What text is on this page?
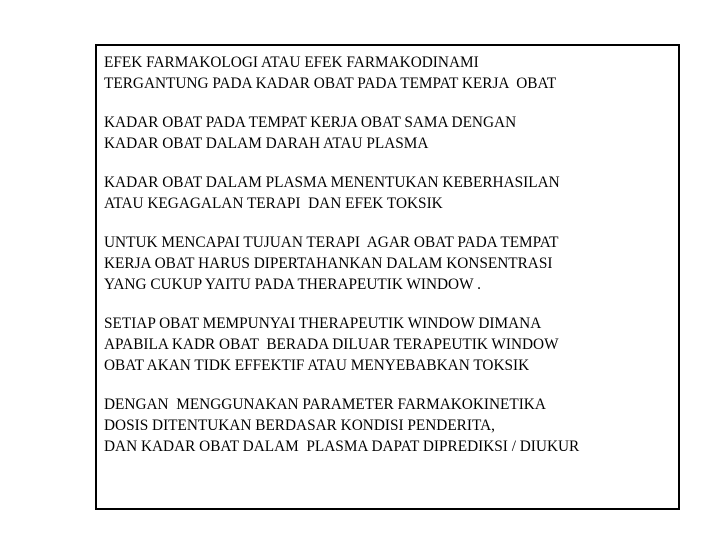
EFEK FARMAKOLOGI ATAU EFEK FARMAKODINAMI
TERGANTUNG PADA KADAR OBAT PADA TEMPAT KERJA  OBAT
KADAR OBAT PADA TEMPAT KERJA OBAT SAMA DENGAN
KADAR OBAT DALAM DARAH ATAU PLASMA
KADAR OBAT DALAM PLASMA MENENTUKAN KEBERHASILAN
ATAU KEGAGALAN TERAPI  DAN EFEK TOKSIK
UNTUK MENCAPAI TUJUAN TERAPI  AGAR OBAT PADA TEMPAT
KERJA OBAT HARUS DIPERTAHANKAN DALAM KONSENTRASI
YANG CUKUP YAITU PADA THERAPEUTIK WINDOW .
SETIAP OBAT MEMPUNYAI THERAPEUTIK WINDOW DIMANA
APABILA KADR OBAT  BERADA DILUAR TERAPEUTIK WINDOW
OBAT AKAN TIDK EFFEKTIF ATAU MENYEBABKAN TOKSIK
DENGAN  MENGGUNAKAN PARAMETER FARMAKOKINETIKA
DOSIS DITENTUKAN BERDASAR KONDISI PENDERITA,
DAN KADAR OBAT DALAM  PLASMA DAPAT DIPREDIKSI / DIUKUR
